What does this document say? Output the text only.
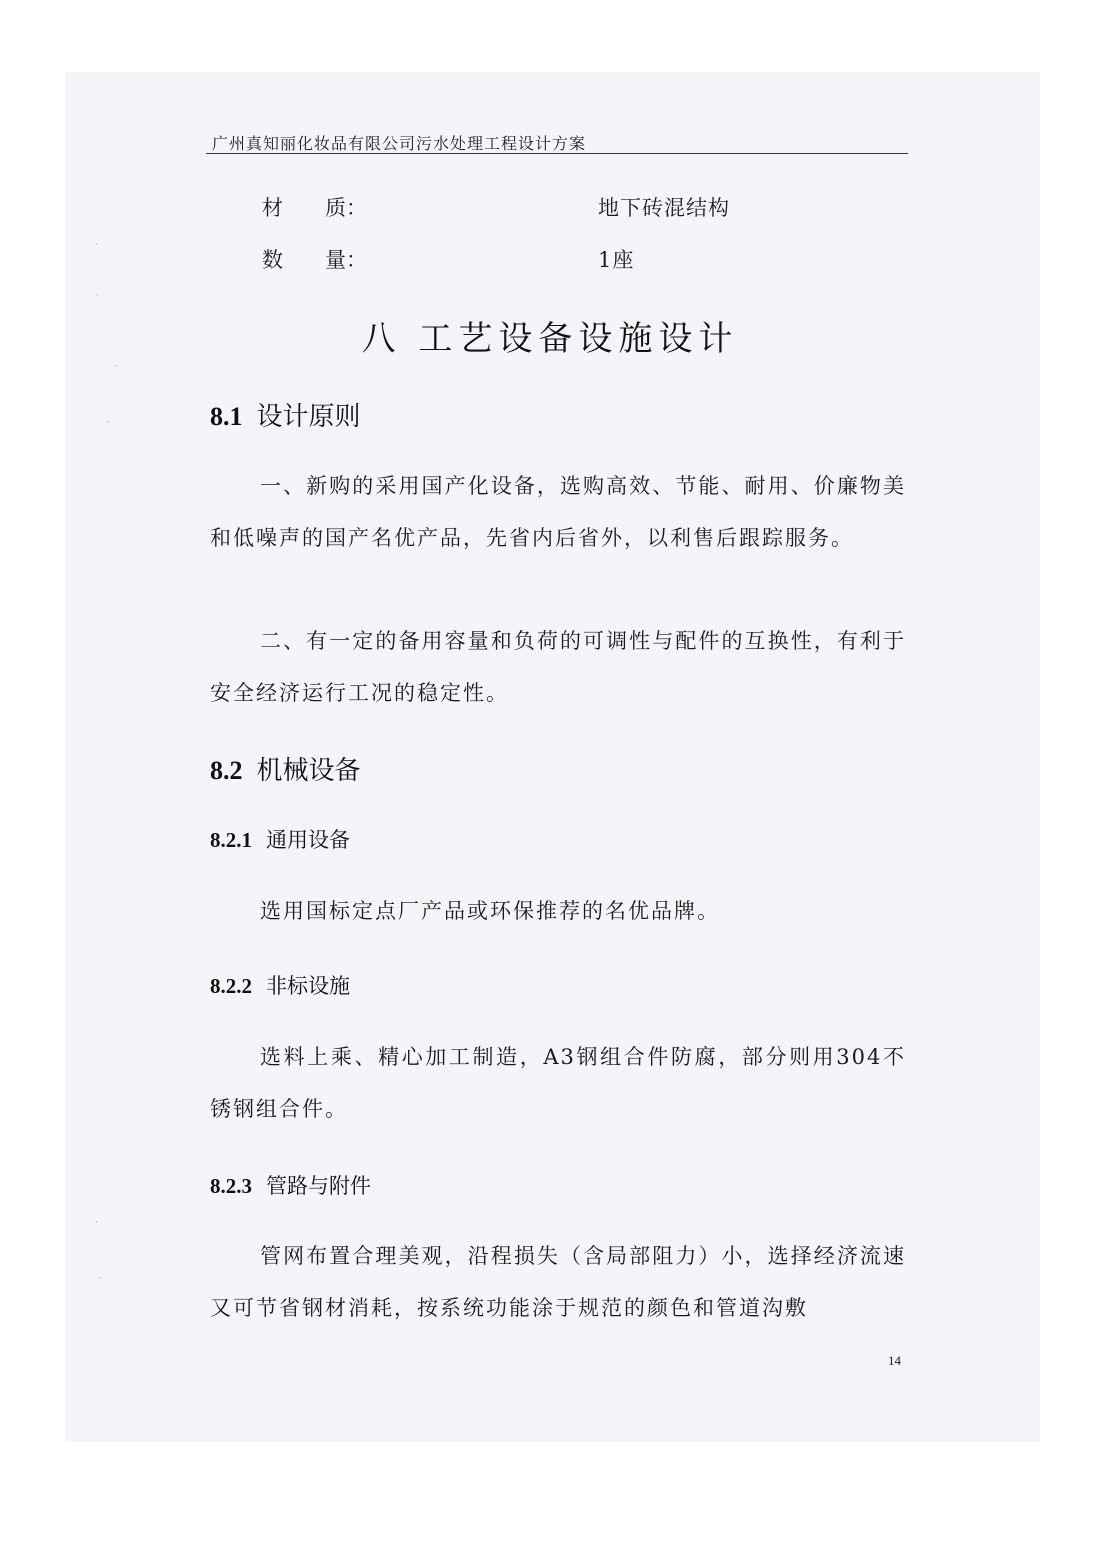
广州真知丽化妆品有限公司污水处理工程设计方案
材　　质：	地下砖混结构
数　　量：	1座
八 工艺设备设施设计
8.1 设计原则
一、新购的采用国产化设备，选购高效、节能、耐用、价廉物美和低噪声的国产名优产品，先省内后省外，以利售后跟踪服务。
二、有一定的备用容量和负荷的可调性与配件的互换性，有利于安全经济运行工况的稳定性。
8.2 机械设备
8.2.1 通用设备
选用国标定点厂产品或环保推荐的名优品牌。
8.2.2 非标设施
选料上乘、精心加工制造，A3钢组合件防腐，部分则用304不锈钢组合件。
8.2.3 管路与附件
管网布置合理美观，沿程损失（含局部阻力）小，选择经济流速又可节省钢材消耗，按系统功能涂于规范的颜色和管道沟敷
14
·
·
·
·
·
·
